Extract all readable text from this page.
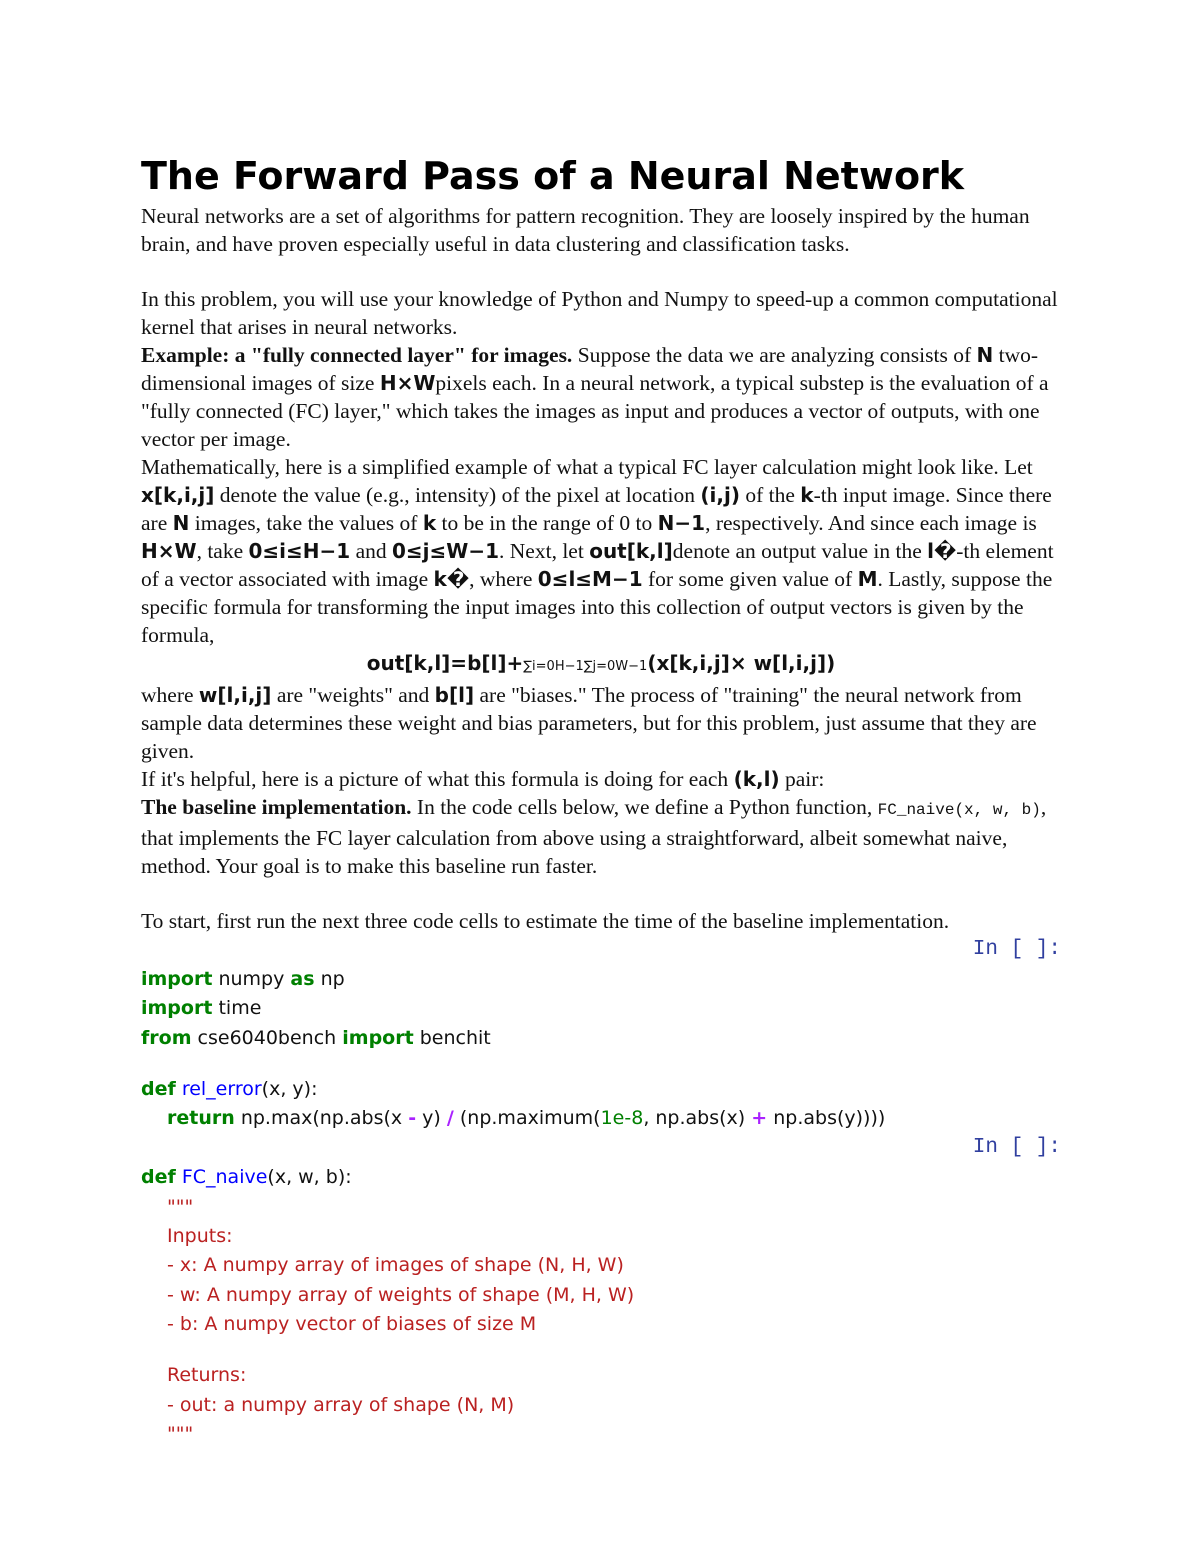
The Forward Pass of a Neural Network

Neural networks are a set of algorithms for pattern recognition. They are loosely inspired by the human brain, and have proven especially useful in data clustering and classification tasks.

In this problem, you will use your knowledge of Python and Numpy to speed-up a common computational kernel that arises in neural networks.

Example: a "fully connected layer" for images. Suppose the data we are analyzing consists of N two-dimensional images of size H×Wpixels each. In a neural network, a typical substep is the evaluation of a "fully connected (FC) layer," which takes the images as input and produces a vector of outputs, with one vector per image.

Mathematically, here is a simplified example of what a typical FC layer calculation might look like. Let x[k,i,j] denote the value (e.g., intensity) of the pixel at location (i,j) of the k-th input image. Since there are N images, take the values of k to be in the range of 0 to N−1, respectively. And since each image is H×W, take 0≤i≤H−1 and 0≤j≤W−1. Next, let out[k,l]denote an output value in the l�-th element of a vector associated with image k�, where 0≤l≤M−1 for some given value of M. Lastly, suppose the specific formula for transforming the input images into this collection of output vectors is given by the formula,

out[k,l]=b[l]+∑i=0H−1∑j=0W−1(x[k,i,j]× w[l,i,j])

where w[l,i,j] are "weights" and b[l] are "biases." The process of "training" the neural network from sample data determines these weight and bias parameters, but for this problem, just assume that they are given.

If it's helpful, here is a picture of what this formula is doing for each (k,l) pair:

The baseline implementation. In the code cells below, we define a Python function, FC_naive(x, w, b), that implements the FC layer calculation from above using a straightforward, albeit somewhat naive, method. Your goal is to make this baseline run faster.

To start, first run the next three code cells to estimate the time of the baseline implementation.

In [ ]:
import numpy as np
import time
from cse6040bench import benchit
def rel_error(x, y):
return np.max(np.abs(x - y) / (np.maximum(1e-8, np.abs(x) + np.abs(y))))
In [ ]:
def FC_naive(x, w, b):
"""
Inputs:
- x: A numpy array of images of shape (N, H, W)
- w: A numpy array of weights of shape (M, H, W)
- b: A numpy vector of biases of size M
Returns:
- out: a numpy array of shape (N, M)
"""
